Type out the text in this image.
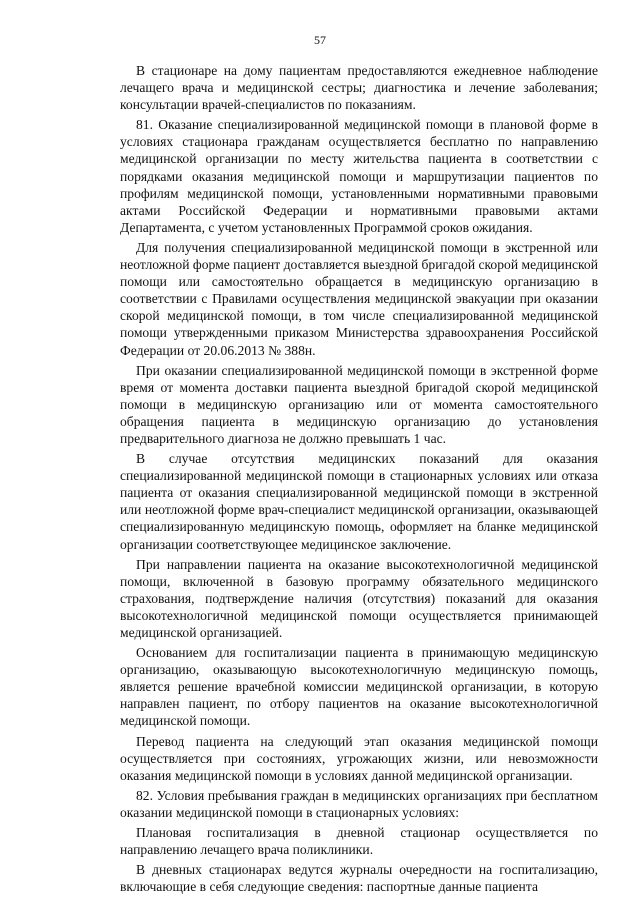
57

В стационаре на дому пациентам предоставляются ежедневное наблюдение лечащего врача и медицинской сестры; диагностика и лечение заболевания; консультации врачей-специалистов по показаниям.

81. Оказание специализированной медицинской помощи в плановой форме в условиях стационара гражданам осуществляется бесплатно по направлению медицинской организации по месту жительства пациента в соответствии с порядками оказания медицинской помощи и маршрутизации пациентов по профилям медицинской помощи, установленными нормативными правовыми актами Российской Федерации и нормативными правовыми актами Департамента, с учетом установленных Программой сроков ожидания.

Для получения специализированной медицинской помощи в экстренной или неотложной форме пациент доставляется выездной бригадой скорой медицинской помощи или самостоятельно обращается в медицинскую организацию в соответствии с Правилами осуществления медицинской эвакуации при оказании скорой медицинской помощи, в том числе специализированной медицинской помощи утвержденными приказом Министерства здравоохранения Российской Федерации от 20.06.2013 № 388н.

При оказании специализированной медицинской помощи в экстренной форме время от момента доставки пациента выездной бригадой скорой медицинской помощи в медицинскую организацию или от момента самостоятельного обращения пациента в медицинскую организацию до установления предварительного диагноза не должно превышать 1 час.

В случае отсутствия медицинских показаний для оказания специализированной медицинской помощи в стационарных условиях или отказа пациента от оказания специализированной медицинской помощи в экстренной или неотложной форме врач-специалист медицинской организации, оказывающей специализированную медицинскую помощь, оформляет на бланке медицинской организации соответствующее медицинское заключение.

При направлении пациента на оказание высокотехнологичной медицинской помощи, включенной в базовую программу обязательного медицинского страхования, подтверждение наличия (отсутствия) показаний для оказания высокотехнологичной медицинской помощи осуществляется принимающей медицинской организацией.

Основанием для госпитализации пациента в принимающую медицинскую организацию, оказывающую высокотехнологичную медицинскую помощь, является решение врачебной комиссии медицинской организации, в которую направлен пациент, по отбору пациентов на оказание высокотехнологичной медицинской помощи.

Перевод пациента на следующий этап оказания медицинской помощи осуществляется при состояниях, угрожающих жизни, или невозможности оказания медицинской помощи в условиях данной медицинской организации.

82. Условия пребывания граждан в медицинских организациях при бесплатном оказании медицинской помощи в стационарных условиях:

Плановая госпитализация в дневной стационар осуществляется по направлению лечащего врача поликлиники.

В дневных стационарах ведутся журналы очередности на госпитализацию, включающие в себя следующие сведения: паспортные данные пациента
